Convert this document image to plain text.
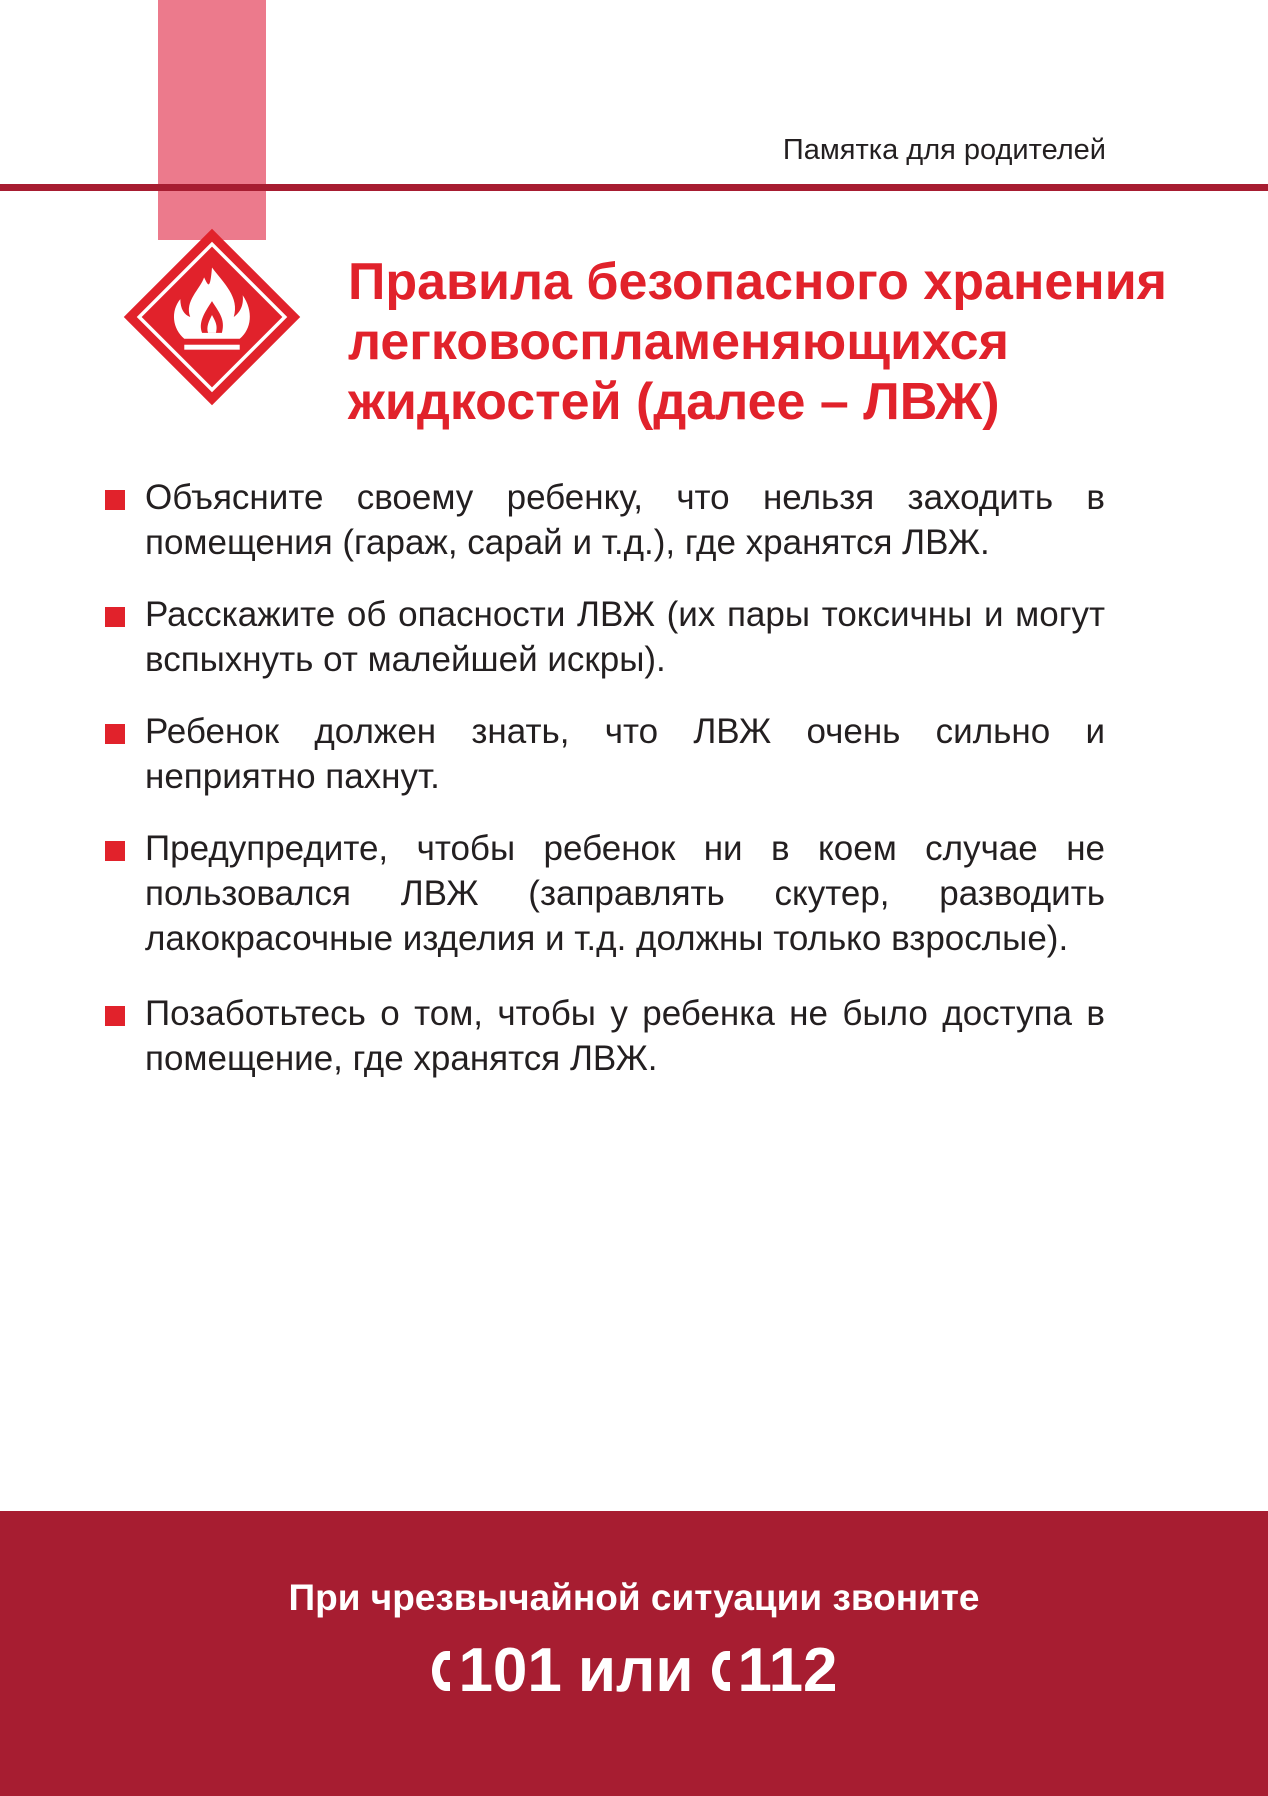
Памятка для родителей
Правила безопасного хранения
легковоспламеняющихся
жидкостей (далее – ЛВЖ)
Объясните своему ребенку, что нельзя заходить в помещения (гараж, сарай и т.д.), где хранятся ЛВЖ.
Расскажите об опасности ЛВЖ (их пары токсичны и могут вспыхнуть от малейшей искры).
Ребенок должен знать, что ЛВЖ очень сильно и неприятно пахнут.
Предупредите, чтобы ребенок ни в коем случае не пользовался ЛВЖ (заправлять скутер, разводить лакокрасочные изделия и т.д. должны только взрослые).
Позаботьтесь о том, чтобы у ребенка не было доступа в помещение, где хранятся ЛВЖ.
При чрезвычайной ситуации звоните
101 или 112
